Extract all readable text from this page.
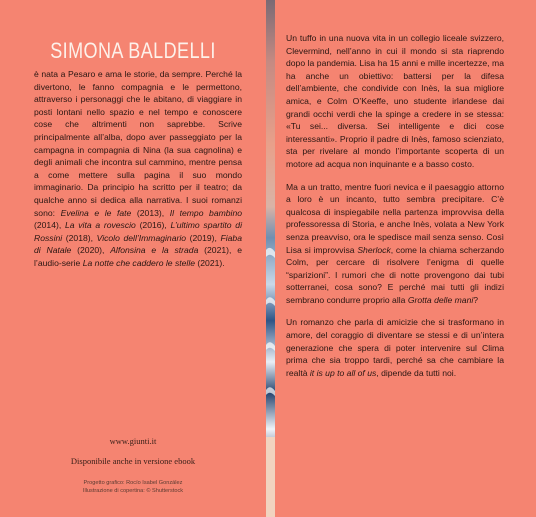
SIMONA BALDELLI
è nata a Pesaro e ama le storie, da sempre. Perché la divertono, le fanno compagnia e le permettono, attraverso i personaggi che le abitano, di viaggiare in posti lontani nello spazio e nel tempo e conoscere cose che altrimenti non saprebbe. Scrive principalmente all’alba, dopo aver passeggiato per la campagna in compagnia di Nina (la sua cagnolina) e degli animali che incontra sul cammino, mentre pensa a come mettere sulla pagina il suo mondo immaginario. Da principio ha scritto per il teatro; da qualche anno si dedica alla narrativa. I suoi romanzi sono: Evelina e le fate (2013), Il tempo bambino (2014), La vita a rovescio (2016), L’ultimo spartito di Rossini (2018), Vicolo dell’Immaginario (2019), Fiaba di Natale (2020), Alfonsina e la strada (2021), e l’audio-serie La notte che caddero le stelle (2021).
www.giunti.it
Disponibile anche in versione ebook
Progetto grafico: Rocío Isabel González
Illustrazione di copertina: © Shutterstock

Un tuffo in una nuova vita in un collegio liceale svizzero, Clevermind, nell’anno in cui il mondo si sta riaprendo dopo la pandemia. Lisa ha 15 anni e mille incertezze, ma ha anche un obiettivo: battersi per la difesa dell’ambiente, che condivide con Inès, la sua migliore amica, e Colm O’Keeffe, uno studente irlandese dai grandi occhi verdi che la spinge a credere in se stessa: «Tu sei... diversa. Sei intelligente e dici cose interessanti». Proprio il padre di Inès, famoso scienziato, sta per rivelare al mondo l’importante scoperta di un motore ad acqua non inquinante e a basso costo.

Ma a un tratto, mentre fuori nevica e il paesaggio attorno a loro è un incanto, tutto sembra precipitare. C’è qualcosa di inspiegabile nella partenza improvvisa della professoressa di Storia, e anche Inès, volata a New York senza preavviso, ora le spedisce mail senza senso. Così Lisa si improvvisa Sherlock, come la chiama scherzando Colm, per cercare di risolvere l’enigma di quelle “sparizioni”. I rumori che di notte provengono dai tubi sotterranei, cosa sono? E perché mai tutti gli indizi sembrano condurre proprio alla Grotta delle mani?

Un romanzo che parla di amicizie che si trasformano in amore, del coraggio di diventare se stessi e di un’intera generazione che spera di poter intervenire sul Clima prima che sia troppo tardi, perché sa che cambiare la realtà it is up to all of us, dipende da tutti noi.
